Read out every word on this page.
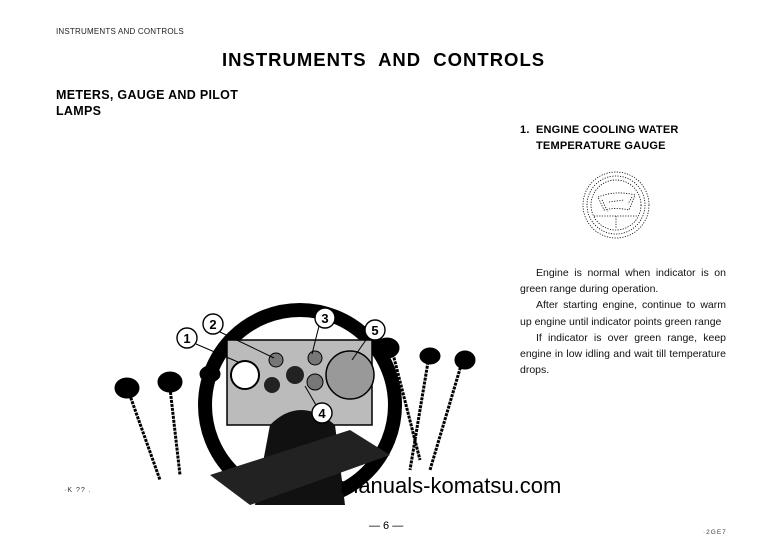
INSTRUMENTS AND CONTROLS
INSTRUMENTS AND CONTROLS
METERS, GAUGE AND PILOT
LAMPS
1. ENGINE COOLING WATER
TEMPERATURE GAUGE

Engine is normal when indicator is on green range during operation.

After starting engine, continue to warm up engine until indicator points green range

If indicator is over green range, keep engine in low idling and wait till temperature drops.

1
2	3
4
5
·K ?? .	manuals-komatsu.com
— 6 —
·2GE7
